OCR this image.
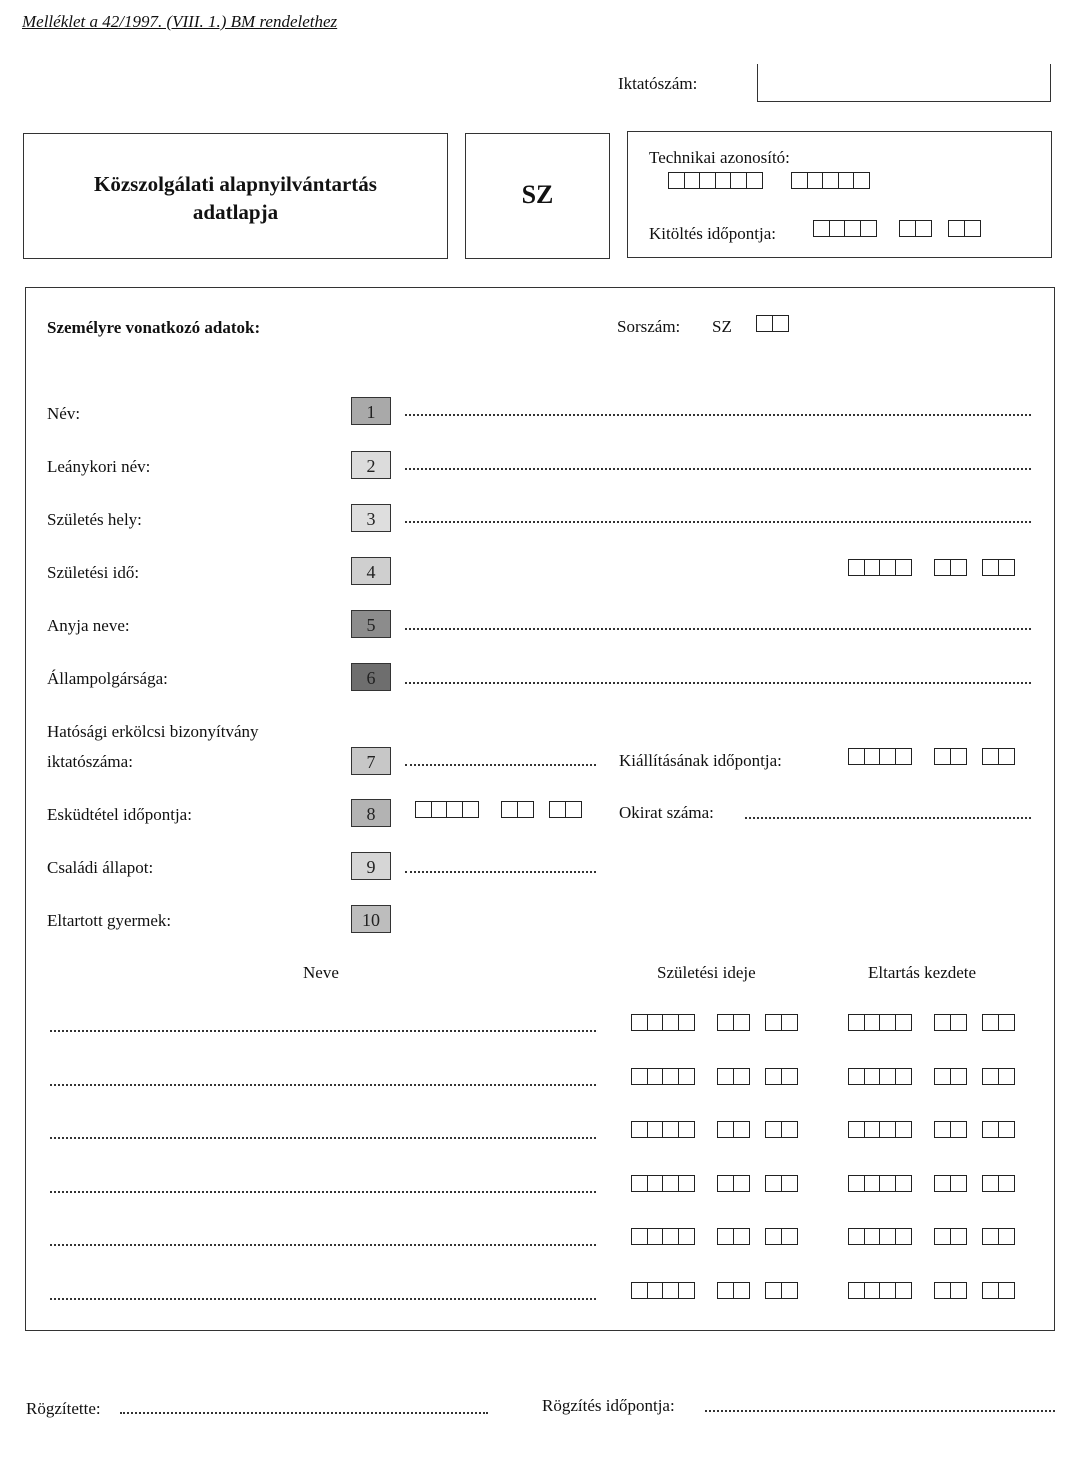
Melléklet a 42/1997. (VIII. 1.) BM rendelethez
Iktatószám:
Közszolgálati alapnyilvántartás
adatlapja
SZ
Technikai azonosító:
Kitöltés időpontja:
Személyre vonatkozó adatok:	Sorszám: SZ
Név:	1
Leánykori név:	2
Születés hely:	3
Születési idő:	4
Anyja neve:	5
Állampolgársága:	6
Hatósági erkölcsi bizonyítvány
iktatószáma:	7	Kiállításának időpontja:
Esküdtétel időpontja:	8	Okirat száma:
Családi állapot:	9
Eltartott gyermek:	10
Neve	Születési ideje	Eltartás kezdete
Rögzítette:	Rögzítés időpontja:
